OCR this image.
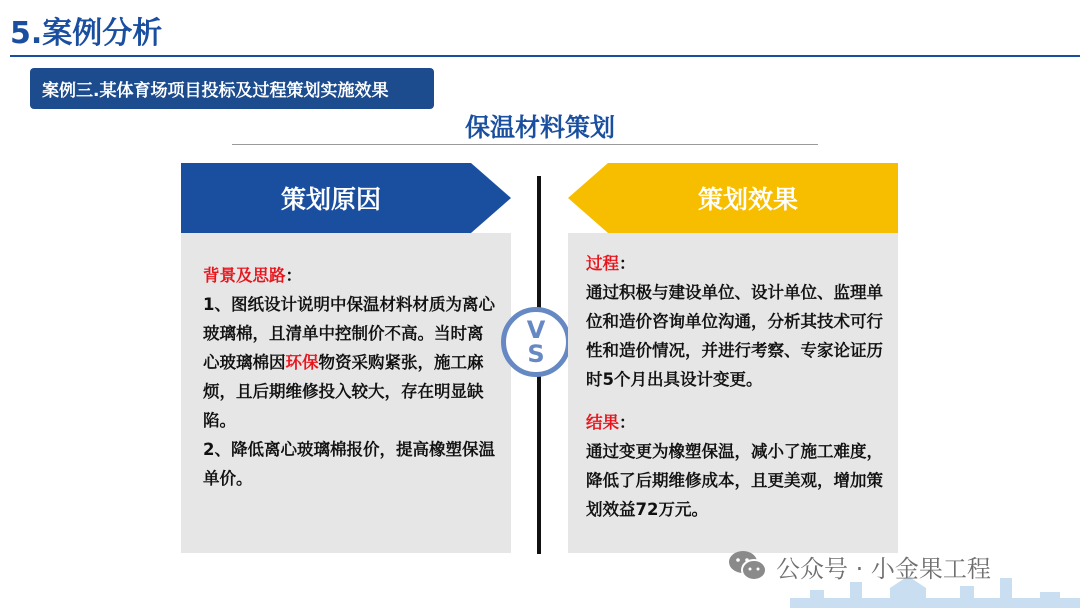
5.案例分析
案例三.某体育场项目投标及过程策划实施效果
保温材料策划
策划原因

背景及思路：

1、图纸设计说明中保温材料材质为离心玻璃棉，且清单中控制价不高。当时离心玻璃棉因环保物资采购紧张，施工麻烦，且后期维修投入较大，存在明显缺陷。

2、降低离心玻璃棉报价，提高橡塑保温单价。

V
S
策划效果

过程：

通过积极与建设单位、设计单位、监理单位和造价咨询单位沟通，分析其技术可行性和造价情况，并进行考察、专家论证历时5个月出具设计变更。

结果：

通过变更为橡塑保温，减小了施工难度，降低了后期维修成本，且更美观，增加策划效益72万元。

公众号 · 小金果工程
